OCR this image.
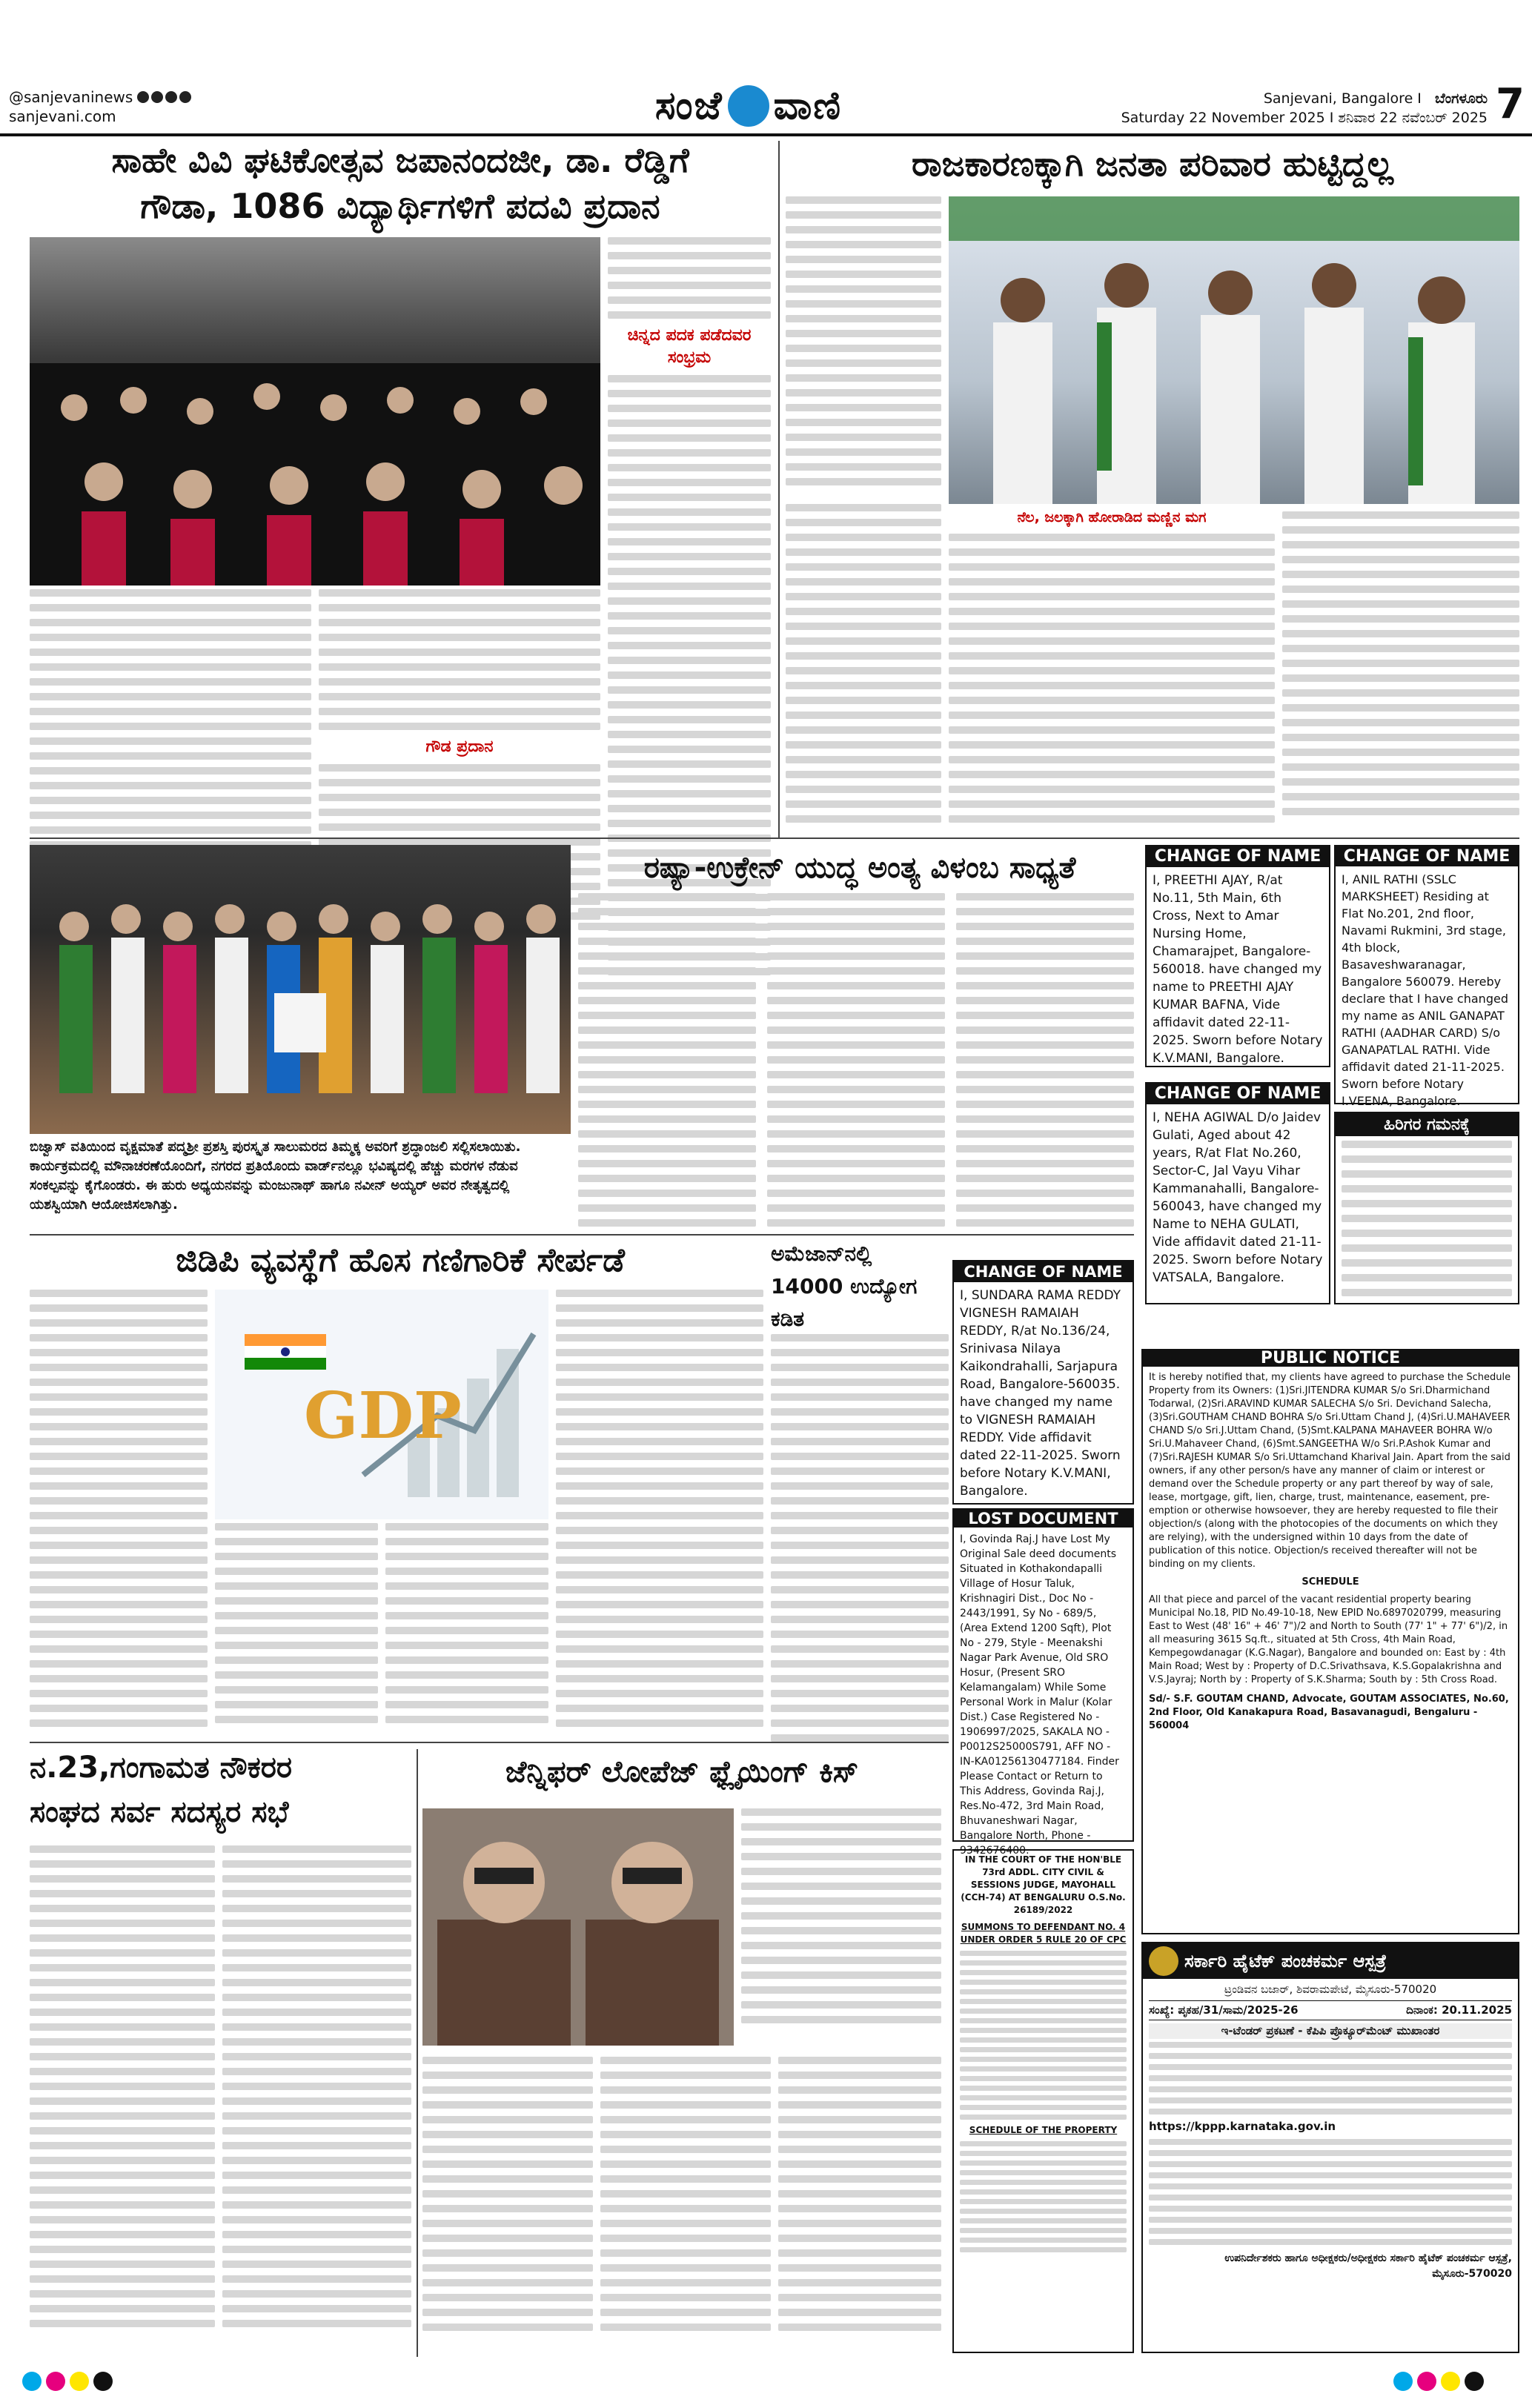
@sanjevaninews
sanjevani.com	ಸಂಜೆ ವಾಣಿ	Sanjevani, Bangalore I ಬೆಂಗಳೂರು
Saturday 22 November 2025 I ಶನಿವಾರ 22 ನವೆಂಬರ್ 2025 7
ಸಾಹೇ ವಿವಿ ಘಟಿಕೋತ್ಸವ ಜಪಾನಂದಜೀ, ಡಾ. ರೆಡ್ಡಿಗೆ
ಗೌಡಾ, 1086 ವಿದ್ಯಾರ್ಥಿಗಳಿಗೆ ಪದವಿ ಪ್ರದಾನ
ಗೌಡ ಪ್ರದಾನ
ಚಿನ್ನದ ಪದಕ ಪಡೆದವರ ಸಂಭ್ರಮ
ರಾಜಕಾರಣಕ್ಕಾಗಿ ಜನತಾ ಪರಿವಾರ ಹುಟ್ಟಿದ್ದಲ್ಲ
ನೆಲ, ಜಲಕ್ಕಾಗಿ ಹೋರಾಡಿದ ಮಣ್ಣಿನ ಮಗ
ಬಿಜ್ವಾಸ್ ವತಿಯಿಂದ ವೃಕ್ಷಮಾತೆ ಪದ್ಮಶ್ರೀ ಪ್ರಶಸ್ತಿ ಪುರಸ್ಕೃತ ಸಾಲುಮರದ ತಿಮ್ಮಕ್ಕ ಅವರಿಗೆ ಶ್ರದ್ಧಾಂಜಲಿ ಸಲ್ಲಿಸಲಾಯಿತು. ಕಾರ್ಯಕ್ರಮದಲ್ಲಿ ಮೌನಾಚರಣೆಯೊಂದಿಗೆ, ನಗರದ ಪ್ರತಿಯೊಂದು ವಾರ್ಡ್‌ನಲ್ಲೂ ಭವಿಷ್ಯದಲ್ಲಿ ಹೆಚ್ಚು ಮರಗಳ ನೆಡುವ ಸಂಕಲ್ಪವನ್ನು ಕೈಗೊಂಡರು. ಈ ಹುರು ಅಧ್ಯಯನವನ್ನು ಮಂಜುನಾಥ್ ಹಾಗೂ ನವೀನ್ ಅಯ್ಯರ್ ಅವರ ನೇತೃತ್ವದಲ್ಲಿ ಯಶಸ್ವಿಯಾಗಿ ಆಯೋಜಿಸಲಾಗಿತ್ತು.
ರಷ್ಯಾ-ಉಕ್ರೇನ್ ಯುದ್ಧ ಅಂತ್ಯ ವಿಳಂಬ ಸಾಧ್ಯತೆ	CHANGE OF NAME
I, PREETHI AJAY, R/at No.11, 5th Main, 6th Cross, Next to Amar Nursing Home, Chamarajpet, Bangalore-560018. have changed my name to PREETHI AJAY KUMAR BAFNA, Vide affidavit dated 22-11-2025. Sworn before Notary K.V.MANI, Bangalore.
CHANGE OF NAME
I, ANIL RATHI (SSLC MARKSHEET) Residing at Flat No.201, 2nd floor, Navami Rukmini, 3rd stage, 4th block, Basaveshwaranagar, Bangalore 560079. Hereby declare that I have changed my name as ANIL GANAPAT RATHI (AADHAR CARD) S/o GANAPATLAL RATHI. Vide affidavit dated 21-11-2025. Sworn before Notary I.VEENA, Bangalore.
CHANGE OF NAME
I, NEHA AGIWAL D/o Jaidev Gulati, Aged about 42 years, R/at Flat No.260, Sector-C, Jal Vayu Vihar Kammanahalli, Bangalore-560043, have changed my Name to NEHA GULATI, Vide affidavit dated 21-11-2025. Sworn before Notary VATSALA, Bangalore.
ಹಿರಿಗರ ಗಮನಕ್ಕೆ
ಜಿಡಿಪಿ ವ್ಯವಸ್ಥೆಗೆ ಹೊಸ ಗಣಿಗಾರಿಕೆ ಸೇರ್ಪಡೆ
GDP
ಅಮೆಜಾನ್‌ನಲ್ಲಿ 14000 ಉದ್ಯೋಗ ಕಡಿತ
CHANGE OF NAME
I, SUNDARA RAMA REDDY VIGNESH RAMAIAH REDDY, R/at No.136/24, Srinivasa Nilaya Kaikondrahalli, Sarjapura Road, Bangalore-560035. have changed my name to VIGNESH RAMAIAH REDDY. Vide affidavit dated 22-11-2025. Sworn before Notary K.V.MANI, Bangalore.
LOST DOCUMENT
I, Govinda Raj.J have Lost My Original Sale deed documents Situated in Kothakondapalli Village of Hosur Taluk, Krishnagiri Dist., Doc No - 2443/1991, Sy No - 689/5, (Area Extend 1200 Sqft), Plot No - 279, Style - Meenakshi Nagar Park Avenue, Old SRO Hosur, (Present SRO Kelamangalam) While Some Personal Work in Malur (Kolar Dist.) Case Registered No - 1906997/2025, SAKALA NO - P0012S25000S791, AFF NO - IN-KA01256130477184. Finder Please Contact or Return to This Address, Govinda Raj.J, Res.No-472, 3rd Main Road, Bhuvaneshwari Nagar, Bangalore North, Phone - 9342676400.
PUBLIC NOTICE
It is hereby notified that, my clients have agreed to purchase the Schedule Property from its Owners: (1)Sri.JITENDRA KUMAR S/o Sri.Dharmichand Todarwal, (2)Sri.ARAVIND KUMAR SALECHA S/o Sri. Devichand Salecha, (3)Sri.GOUTHAM CHAND BOHRA S/o Sri.Uttam Chand J, (4)Sri.U.MAHAVEER CHAND S/o Sri.J.Uttam Chand, (5)Smt.KALPANA MAHAVEER BOHRA W/o Sri.U.Mahaveer Chand, (6)Smt.SANGEETHA W/o Sri.P.Ashok Kumar and (7)Sri.RAJESH KUMAR S/o Sri.Uttamchand Kharival Jain. Apart from the said owners, if any other person/s have any manner of claim or interest or demand over the Schedule property or any part thereof by way of sale, lease, mortgage, gift, lien, charge, trust, maintenance, easement, pre-emption or otherwise howsoever, they are hereby requested to file their objection/s (along with the photocopies of the documents on which they are relying), with the undersigned within 10 days from the date of publication of this notice. Objection/s received thereafter will not be binding on my clients.
SCHEDULE
All that piece and parcel of the vacant residential property bearing Municipal No.18, PID No.49-10-18, New EPID No.6897020799, measuring East to West (48' 16" + 46' 7")/2 and North to South (77' 1" + 77' 6")/2, in all measuring 3615 Sq.ft., situated at 5th Cross, 4th Main Road, Kempegowdanagar (K.G.Nagar), Bangalore and bounded on: East by : 4th Main Road; West by : Property of D.C.Srivathsava, K.S.Gopalakrishna and V.S.Jayraj; North by : Property of S.K.Sharma; South by : 5th Cross Road.
Sd/- S.F. GOUTAM CHAND, Advocate, GOUTAM ASSOCIATES, No.60, 2nd Floor, Old Kanakapura Road, Basavanagudi, Bengaluru - 560004
ನ.23,ಗಂಗಾಮತ ನೌಕರರ
ಸಂಘದ ಸರ್ವ ಸದಸ್ಯರ ಸಭೆ
ಜೆನ್ನಿಫರ್ ಲೋಪೆಜ್ ಫ್ಲೈಯಿಂಗ್ ಕಿಸ್
IN THE COURT OF THE HON'BLE 73rd ADDL. CITY CIVIL & SESSIONS JUDGE, MAYOHALL (CCH-74) AT BENGALURU O.S.No. 26189/2022
SUMMONS TO DEFENDANT NO. 4 UNDER ORDER 5 RULE 20 OF CPC
SCHEDULE OF THE PROPERTY
ಸರ್ಕಾರಿ ಹೈಟೆಕ್ ಪಂಚಕರ್ಮ ಆಸ್ಪತ್ರೆ
ಟ್ರಂಡಿವನ ಬಜಾರ್, ಶಿವರಾಮಪೇಟೆ, ಮೈಸೂರು-570020
ಸಂಖ್ಯೆ: ಪೃಕಹ/31/ಸಾಮ/2025-26	ದಿನಾಂಕ: 20.11.2025
ಇ-ಟೆಂಡರ್ ಪ್ರಕಟಣೆ - ಕೆಪಿಪಿ ಪ್ರೊಕ್ಯೂರ್‌ಮೆಂಟ್ ಮುಖಾಂತರ
https://kppp.karnataka.gov.in
ಉಪನಿರ್ದೇಶಕರು ಹಾಗೂ ಅಧೀಕ್ಷಕರು/ಅಧೀಕ್ಷಕರು ಸರ್ಕಾರಿ ಹೈಟೆಕ್ ಪಂಚಕರ್ಮ ಆಸ್ಪತ್ರೆ, ಮೈಸೂರು-570020
